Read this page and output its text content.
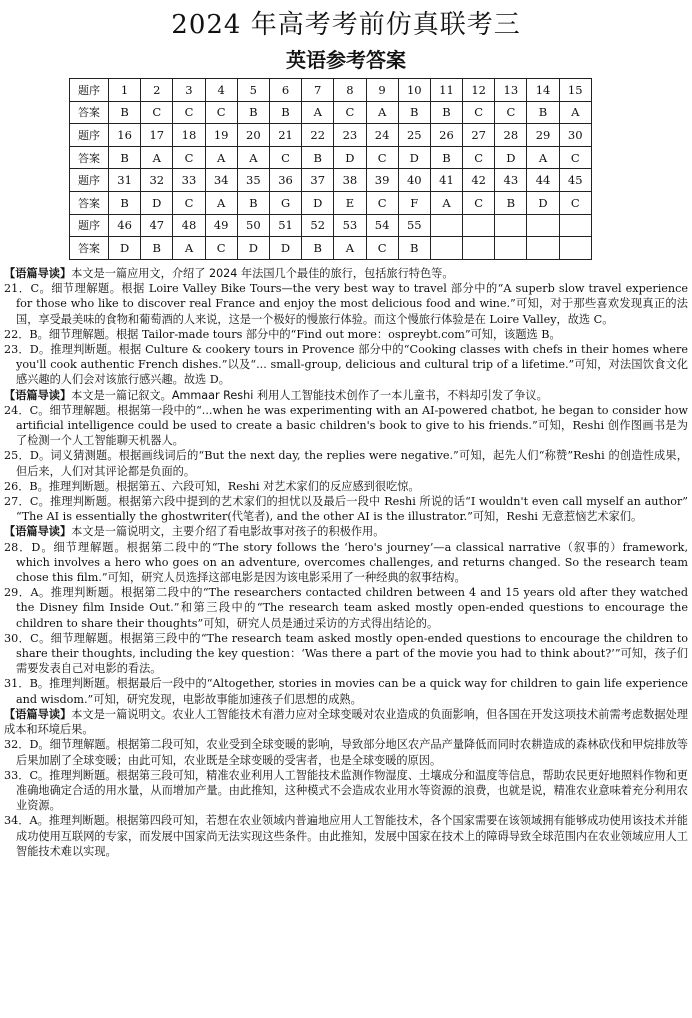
2024 年高考考前仿真联考三
英语参考答案
题序	1	2	3	4	5	6	7	8	9	10	11	12	13	14	15
答案	B	C	C	C	B	B	A	C	A	B	B	C	C	B	A
题序	16	17	18	19	20	21	22	23	24	25	26	27	28	29	30
答案	B	A	C	A	A	C	B	D	C	D	B	C	D	A	C
题序	31	32	33	34	35	36	37	38	39	40	41	42	43	44	45
答案	B	D	C	A	B	G	D	E	C	F	A	C	B	D	C
题序	46	47	48	49	50	51	52	53	54	55					
答案	D	B	A	C	D	D	B	A	C	B					
【语篇导读】本文是一篇应用文，介绍了 2024 年法国几个最佳的旅行，包括旅行特色等。
21．C。细节理解题。根据 Loire Valley Bike Tours—the very best way to travel 部分中的“A superb slow travel experience for those who like to discover real France and enjoy the most delicious food and wine.”可知，对于那些喜欢发现真正的法国，享受最美味的食物和葡萄酒的人来说，这是一个极好的慢旅行体验。而这个慢旅行体验是在 Loire Valley，故选 C。
22．B。细节理解题。根据 Tailor-made tours 部分中的“Find out more：ospreybt.com”可知，该题选 B。
23．D。推理判断题。根据 Culture & cookery tours in Provence 部分中的“Cooking classes with chefs in their homes where you'll cook authentic French dishes.”以及“... small-group, delicious and cultural trip of a lifetime.”可知，对法国饮食文化感兴趣的人们会对该旅行感兴趣。故选 D。
【语篇导读】本文是一篇记叙文。Ammaar Reshi 利用人工智能技术创作了一本儿童书，不料却引发了争议。
24．C。细节理解题。根据第一段中的“...when he was experimenting with an AI-powered chatbot, he began to consider how artificial intelligence could be used to create a basic children's book to give to his friends.”可知，Reshi 创作图画书是为了检测一个人工智能聊天机器人。
25．D。词义猜测题。根据画线词后的“But the next day, the replies were negative.”可知，起先人们“称赞”Reshi 的创造性成果，但后来，人们对其评论都是负面的。
26．B。推理判断题。根据第五、六段可知，Reshi 对艺术家们的反应感到很吃惊。
27．C。推理判断题。根据第六段中提到的艺术家们的担忧以及最后一段中 Reshi 所说的话“I wouldn't even call myself an author” “The AI is essentially the ghostwriter(代笔者), and the other AI is the illustrator.”可知，Reshi 无意惹恼艺术家们。
【语篇导读】本文是一篇说明文，主要介绍了看电影故事对孩子的积极作用。
28．D。细节理解题。根据第二段中的“The story follows the ‘hero's journey’—a classical narrative（叙事的）framework, which involves a hero who goes on an adventure, overcomes challenges, and returns changed. So the research team chose this film.”可知，研究人员选择这部电影是因为该电影采用了一种经典的叙事结构。
29．A。推理判断题。根据第二段中的“The researchers contacted children between 4 and 15 years old after they watched the Disney film Inside Out.”和第三段中的“The research team asked mostly open-ended questions to encourage the children to share their thoughts”可知，研究人员是通过采访的方式得出结论的。
30．C。细节理解题。根据第三段中的“The research team asked mostly open-ended questions to encourage the children to share their thoughts, including the key question：‘Was there a part of the movie you had to think about?’”可知，孩子们需要发表自己对电影的看法。
31．B。推理判断题。根据最后一段中的“Altogether, stories in movies can be a quick way for children to gain life experience and wisdom.”可知，研究发现，电影故事能加速孩子们思想的成熟。
【语篇导读】本文是一篇说明文。农业人工智能技术有潜力应对全球变暖对农业造成的负面影响，但各国在开发这项技术前需考虑数据处理成本和环境后果。
32．D。细节理解题。根据第二段可知，农业受到全球变暖的影响，导致部分地区农产品产量降低而同时农耕造成的森林砍伐和甲烷排放等后果加剧了全球变暖；由此可知，农业既是全球变暖的受害者，也是全球变暖的原因。
33．C。推理判断题。根据第三段可知，精准农业利用人工智能技术监测作物湿度、土壤成分和温度等信息，帮助农民更好地照料作物和更准确地确定合适的用水量，从而增加产量。由此推知，这种模式不会造成农业用水等资源的浪费，也就是说，精准农业意味着充分利用农业资源。
34．A。推理判断题。根据第四段可知，若想在农业领域内普遍地应用人工智能技术，各个国家需要在该领域拥有能够成功使用该技术并能成功使用互联网的专家，而发展中国家尚无法实现这些条件。由此推知，发展中国家在技术上的障碍导致全球范围内在农业领域应用人工智能技术难以实现。
